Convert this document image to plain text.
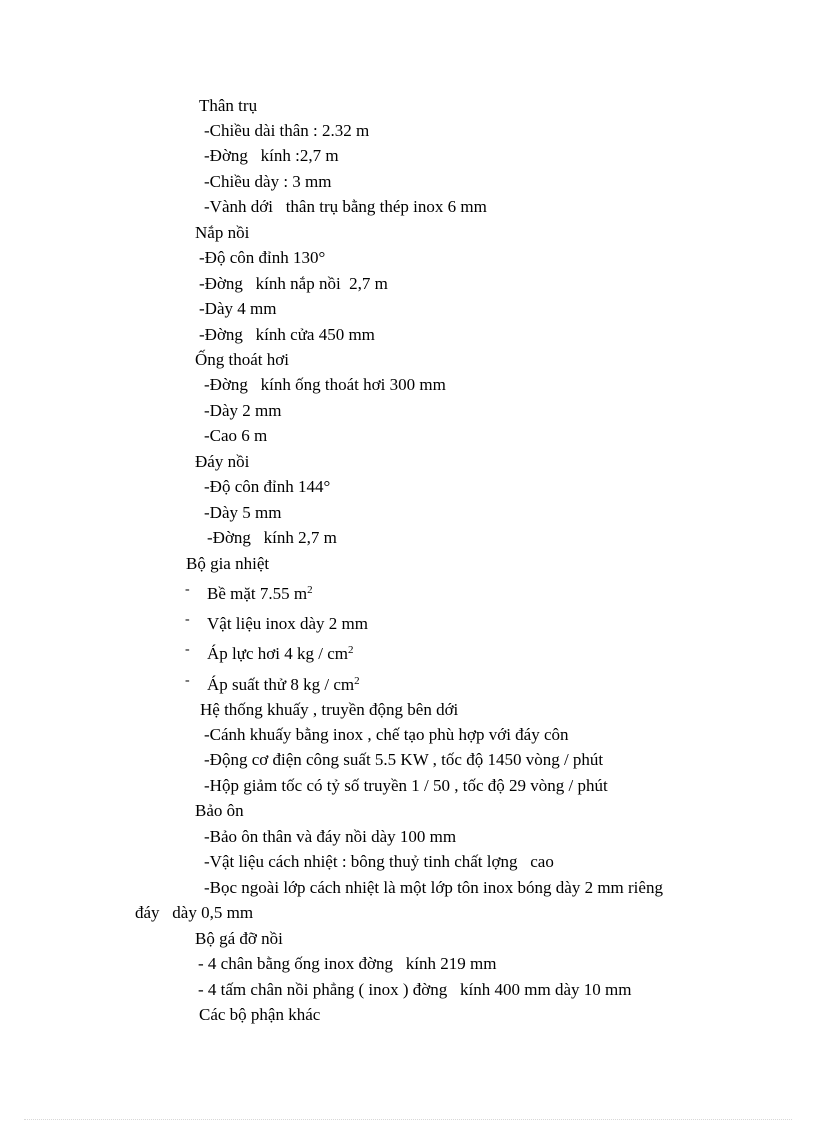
Thân trụ
-Chiều dài thân : 2.32 m
-Đờng   kính :2,7 m
-Chiều dày : 3 mm
-Vành dới   thân trụ bằng thép inox 6 mm
Nắp nồi
-Độ côn đỉnh 130°
-Đờng   kính nắp nồi  2,7 m
-Dày 4 mm
-Đờng   kính cửa 450 mm
Ống thoát hơi
-Đờng   kính ống thoát hơi 300 mm
-Dày 2 mm
-Cao 6 m
Đáy nồi
-Độ côn đỉnh 144°
-Dày 5 mm
-Đờng   kính 2,7 m
Bộ gia nhiệt
- Bề mặt 7.55 $m^2$
- Vật liệu inox dày 2 mm
- Áp lực hơi 4 kg / $cm^2$
- Áp suất thử 8 kg / $cm^2$
Hệ thống khuấy , truyền động bên dới
-Cánh khuấy bằng inox , chế tạo phù hợp với đáy côn
-Động cơ điện công suất 5.5 KW , tốc độ 1450 vòng / phút
-Hộp giảm tốc có tỷ số truyền 1 / 50 , tốc độ 29 vòng / phút
Bảo ôn
-Bảo ôn thân và đáy nồi dày 100 mm
-Vật liệu cách nhiệt : bông thuỷ tinh chất lợng   cao
-Bọc ngoài lớp cách nhiệt là một lớp tôn inox bóng dày 2 mm riêng
đáy   dày 0,5 mm
Bộ gá đỡ nồi
- 4 chân bằng ống inox đờng   kính 219 mm
- 4 tấm chân nồi phẳng ( inox ) đờng   kính 400 mm dày 10 mm
Các bộ phận khác
